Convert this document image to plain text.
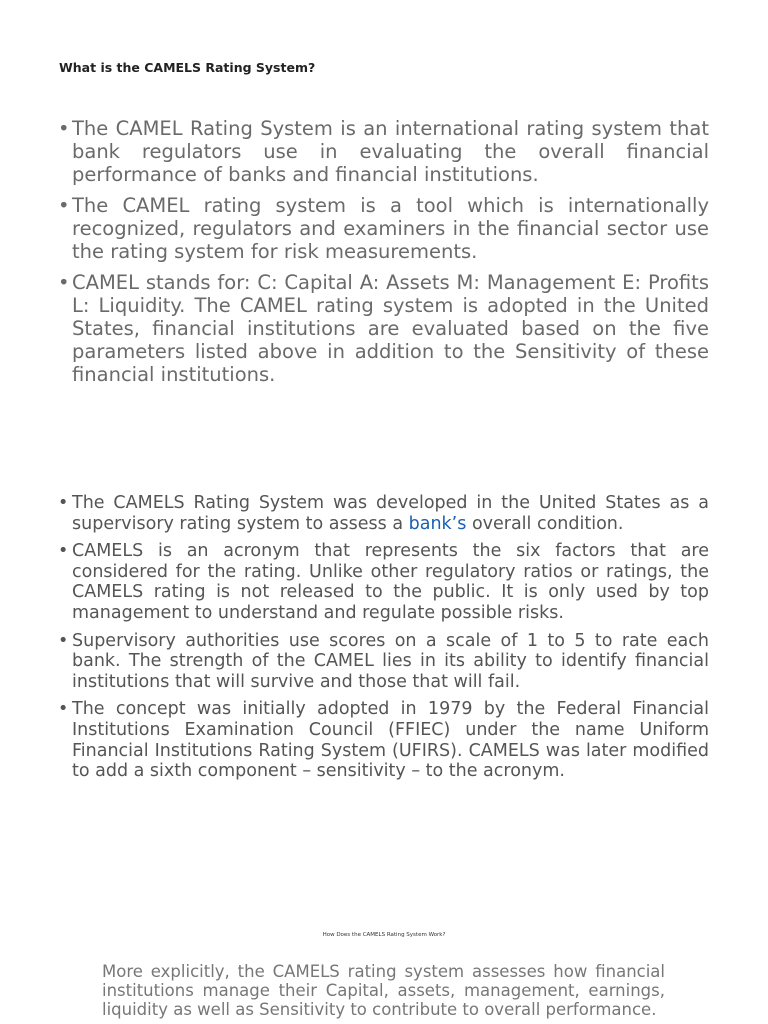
What is the CAMELS Rating System?
• The CAMEL Rating System is an international rating system that bank regulators use in evaluating the overall financial performance of banks and financial institutions.
• The CAMEL rating system is a tool which is internationally recognized, regulators and examiners in the financial sector use the rating system for risk measurements.
• CAMEL stands for: C: Capital A: Assets M: Management E: Profits L: Liquidity. The CAMEL rating system is adopted in the United States, financial institutions are evaluated based on the five parameters listed above in addition to the Sensitivity of these financial institutions.
• The CAMELS Rating System was developed in the United States as a supervisory rating system to assess a bank’s overall condition.
• CAMELS is an acronym that represents the six factors that are considered for the rating. Unlike other regulatory ratios or ratings, the CAMELS rating is not released to the public. It is only used by top management to understand and regulate possible risks.
• Supervisory authorities use scores on a scale of 1 to 5 to rate each bank. The strength of the CAMEL lies in its ability to identify financial institutions that will survive and those that will fail.
• The concept was initially adopted in 1979 by the Federal Financial Institutions Examination Council (FFIEC) under the name Uniform Financial Institutions Rating System (UFIRS). CAMELS was later modified to add a sixth component – sensitivity – to the acronym.
How Does the CAMELS Rating System Work?

More explicitly, the CAMELS rating system assesses how financial institutions manage their Capital, assets, management, earnings, liquidity as well as Sensitivity to contribute to overall performance.
